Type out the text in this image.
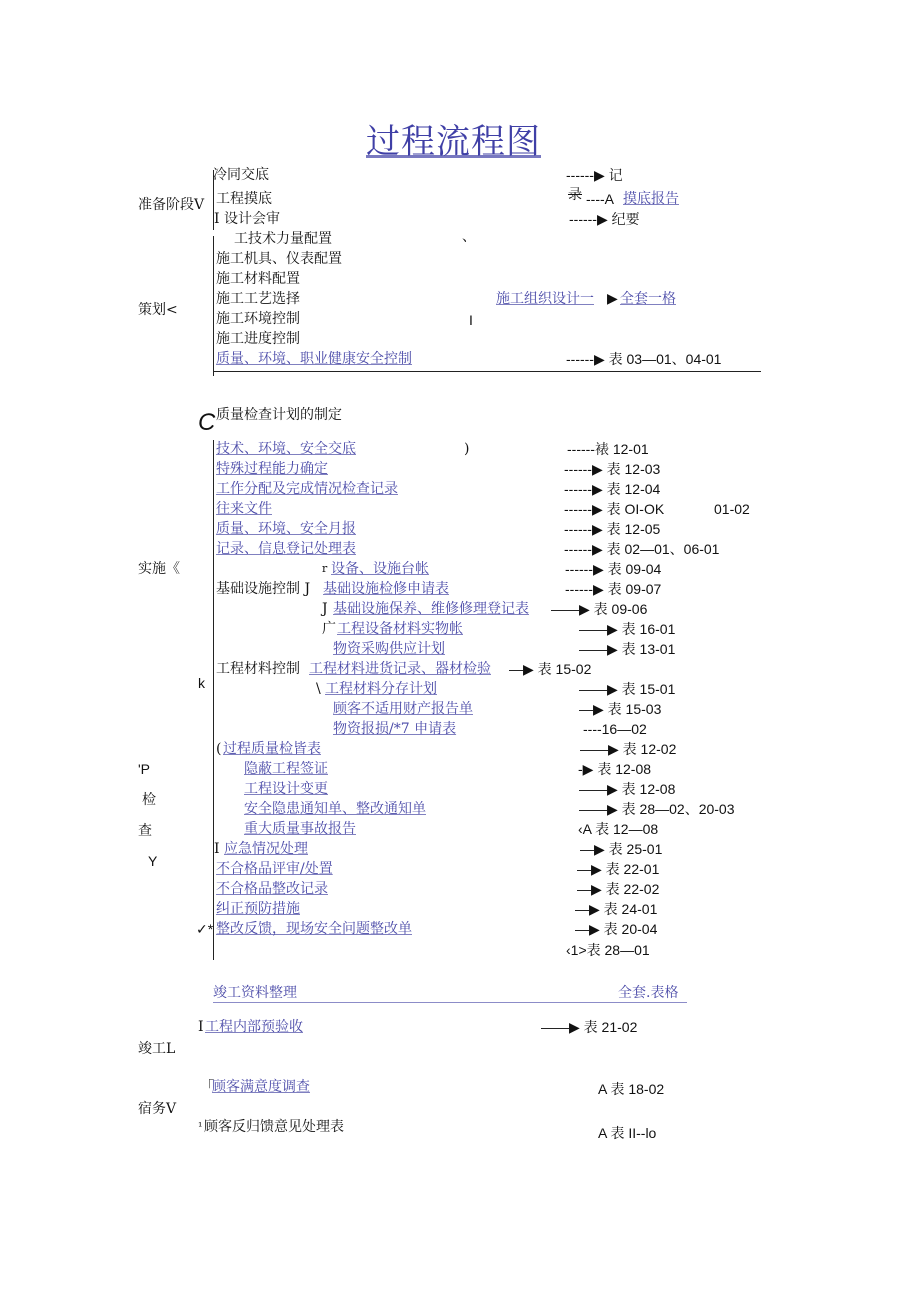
过程流程图
准备阶段V
策划<
实施《
k
'P
检
查
Y
竣工L
宿务V
C
冷同交底
工程摸底
I 设计会审
------▶ 记
录 ----A 摸底报告
------▶ 纪要
工技术力量配置	、
施工机具、仪表配置
施工材料配置
施工工艺选择
施工环境控制
施工进度控制
质量、环境、职业健康安全控制
施工组织设计一 ▶ 全套一格
I
------▶ 表 03—01、04-01
质量检查计划的制定
技术、环境、安全交底	)
特殊过程能力确定
工作分配及完成情况检查记录
往来文件
质量、环境、安全月报
记录、信息登记处理表
------裱 12-01
------▶ 表 12-03
------▶ 表 12-04
------▶ 表 OI-OK	01-02
------▶ 表 12-05
------▶ 表 02—01、06-01
r 设备、设施台帐
基础设施控制 J 基础设施检修申请表
J 基础设施保养、维修修理登记表
广 工程设备材料实物帐
物资采购供应计划
------▶ 表 09-04
------▶ 表 09-07
——▶ 表 09-06
——▶ 表 16-01
——▶ 表 13-01
工程材料控制 工程材料进货记录、器材检验 —▶ 表 15-02
\ 工程材料分存计划
顾客不适用财产报告单
物资报损/*7 申请表
——▶ 表 15-01
—▶ 表 15-03
----16—02
( 过程质量检皆表
隐蔽工程签证
工程设计变更
安全隐患通知单、整改通知单
重大质量事故报告
——▶ 表 12-02
-▶ 表 12-08
——▶ 表 12-08
——▶ 表 28—02、20-03
‹A 表 12—08
I 应急情况处理
不合格品评审/处置
不合格品整改记录
纠正预防措施
✓* 整改反馈，现场安全问题整改单
—▶ 表 25-01
—▶ 表 22-01
—▶ 表 22-02
—▶ 表 24-01
—▶ 表 20-04
‹1>表 28—01
竣工资料整理	全套.表格
I 工程内部预验收	——▶ 表 21-02
「
顾客满意度调查	A 表 18-02
¹ 顾客反归馈意见处理表	A 表 II--lo
